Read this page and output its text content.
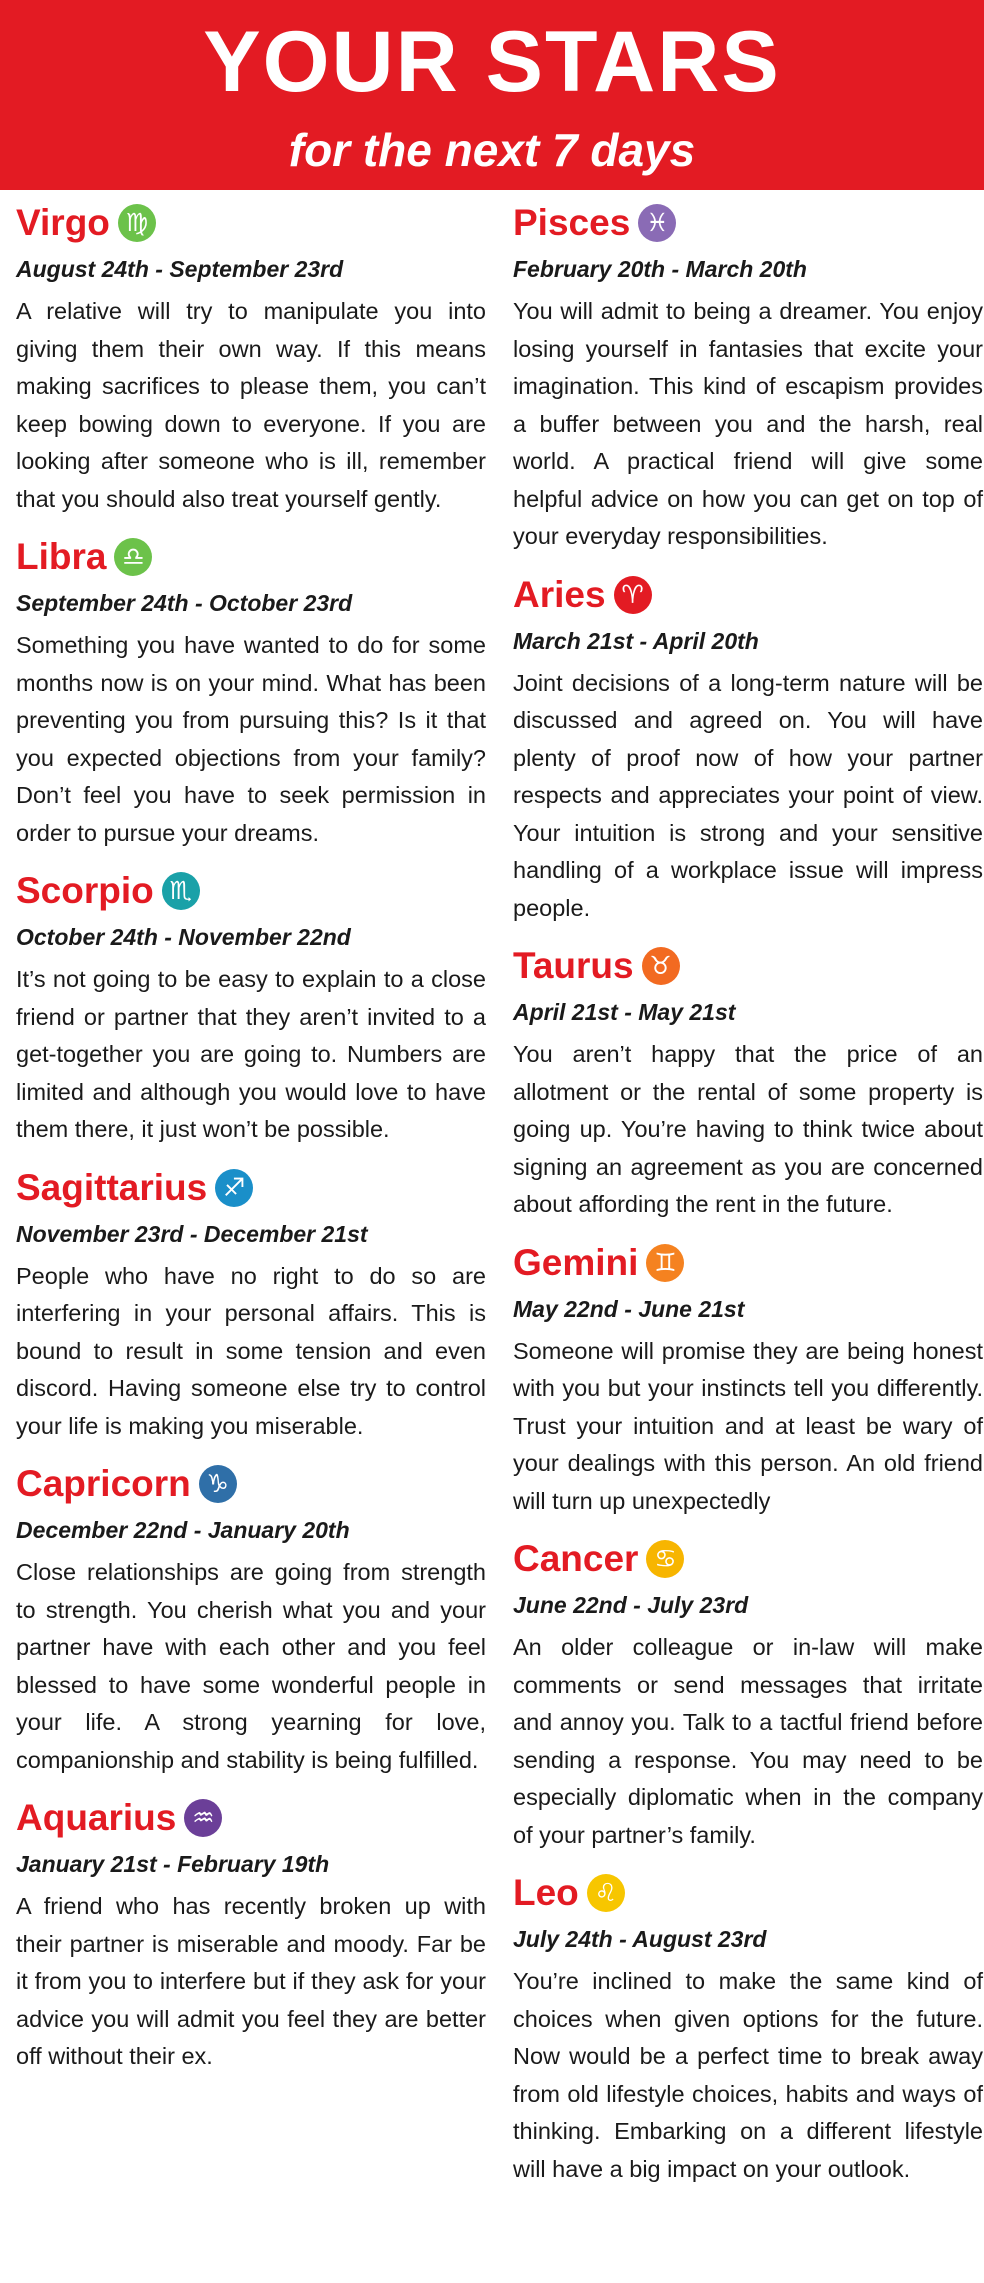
YOUR STARS
for the next 7 days
Virgo ♍
August 24th - September 23rd
A relative will try to manipulate you into giving them their own way. If this means making sacrifices to please them, you can’t keep bowing down to everyone. If you are looking after someone who is ill, remember that you should also treat yourself gently.
Libra ♎
September 24th - October 23rd
Something you have wanted to do for some months now is on your mind. What has been preventing you from pursuing this? Is it that you expected objections from your family? Don’t feel you have to seek permission in order to pursue your dreams.
Scorpio ♏
October 24th - November 22nd
It’s not going to be easy to explain to a close friend or partner that they aren’t invited to a get-together you are going to. Numbers are limited and although you would love to have them there, it just won’t be possible.
Sagittarius ♐
November 23rd - December 21st
People who have no right to do so are interfering in your personal affairs. This is bound to result in some tension and even discord. Having someone else try to control your life is making you miserable.
Capricorn ♑
December 22nd - January 20th
Close relationships are going from strength to strength. You cherish what you and your partner have with each other and you feel blessed to have some wonderful people in your life. A strong yearning for love, companionship and stability is being fulfilled.
Aquarius ♒
January 21st - February 19th
A friend who has recently broken up with their partner is miserable and moody. Far be it from you to interfere but if they ask for your advice you will admit you feel they are better off without their ex.
Pisces ♓
February 20th - March 20th
You will admit to being a dreamer. You enjoy losing yourself in fantasies that excite your imagination. This kind of escapism provides a buffer between you and the harsh, real world. A practical friend will give some helpful advice on how you can get on top of your everyday responsibilities.
Aries ♈
March 21st - April 20th
Joint decisions of a long-term nature will be discussed and agreed on. You will have plenty of proof now of how your partner respects and appreciates your point of view. Your intuition is strong and your sensitive handling of a workplace issue will impress people.
Taurus ♉
April 21st - May 21st
You aren’t happy that the price of an allotment or the rental of some property is going up. You’re having to think twice about signing an agreement as you are concerned about affording the rent in the future.
Gemini ♊
May 22nd - June 21st
Someone will promise they are being honest with you but your instincts tell you differently. Trust your intuition and at least be wary of your dealings with this person. An old friend will turn up unexpectedly
Cancer ♋
June 22nd - July 23rd
An older colleague or in-law will make comments or send messages that irritate and annoy you. Talk to a tactful friend before sending a response. You may need to be especially diplomatic when in the company of your partner’s family.
Leo ♌
July 24th - August 23rd
You’re inclined to make the same kind of choices when given options for the future. Now would be a perfect time to break away from old lifestyle choices, habits and ways of thinking. Embarking on a different lifestyle will have a big impact on your outlook.
